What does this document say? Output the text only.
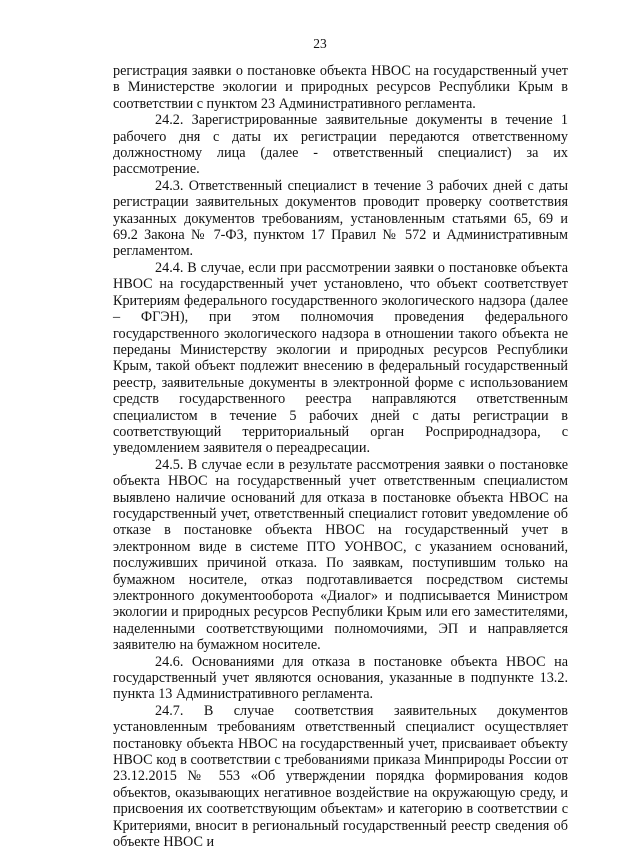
23

регистрация заявки о постановке объекта НВОС на государственный учет в Министерстве экологии и природных ресурсов Республики Крым в соответствии с пунктом 23 Административного регламента.

24.2. Зарегистрированные заявительные документы в течение 1 рабочего дня с даты их регистрации передаются ответственному должностному лица (далее - ответственный специалист) за их рассмотрение.

24.3. Ответственный специалист в течение 3 рабочих дней с даты регистрации заявительных документов проводит проверку соответствия указанных документов требованиям, установленным статьями 65, 69 и 69.2 Закона № 7-ФЗ, пунктом 17 Правил № 572 и Административным регламентом.

24.4. В случае, если при рассмотрении заявки о постановке объекта НВОС на государственный учет установлено, что объект соответствует Критериям федерального государственного экологического надзора (далее – ФГЭН), при этом полномочия проведения федерального государственного экологического надзора в отношении такого объекта не переданы Министерству экологии и природных ресурсов Республики Крым, такой объект подлежит внесению в федеральный государственный реестр, заявительные документы в электронной форме с использованием средств государственного реестра направляются ответственным специалистом в течение 5 рабочих дней с даты регистрации в соответствующий территориальный орган Росприроднадзора, с уведомлением заявителя о переадресации.

24.5. В случае если в результате рассмотрения заявки о постановке объекта НВОС на государственный учет ответственным специалистом выявлено наличие оснований для отказа в постановке объекта НВОС на государственный учет, ответственный специалист готовит уведомление об отказе в постановке объекта НВОС на государственный учет в электронном виде в системе ПТО УОНВОС, с указанием оснований, послуживших причиной отказа. По заявкам, поступившим только на бумажном носителе, отказ подготавливается посредством системы электронного документооборота «Диалог» и подписывается Министром экологии и природных ресурсов Республики Крым или его заместителями, наделенными соответствующими полномочиями, ЭП и направляется заявителю на бумажном носителе.

24.6. Основаниями для отказа в постановке объекта НВОС на государственный учет являются основания, указанные в подпункте 13.2. пункта 13 Административного регламента.

24.7. В случае соответствия заявительных документов установленным требованиям ответственный специалист осуществляет постановку объекта НВОС на государственный учет, присваивает объекту НВОС код в соответствии с требованиями приказа Минприроды России от 23.12.2015 № 553 «Об утверждении порядка формирования кодов объектов, оказывающих негативное воздействие на окружающую среду, и присвоения их соответствующим объектам» и категорию в соответствии с Критериями, вносит в региональный государственный реестр сведения об объекте НВОС и
